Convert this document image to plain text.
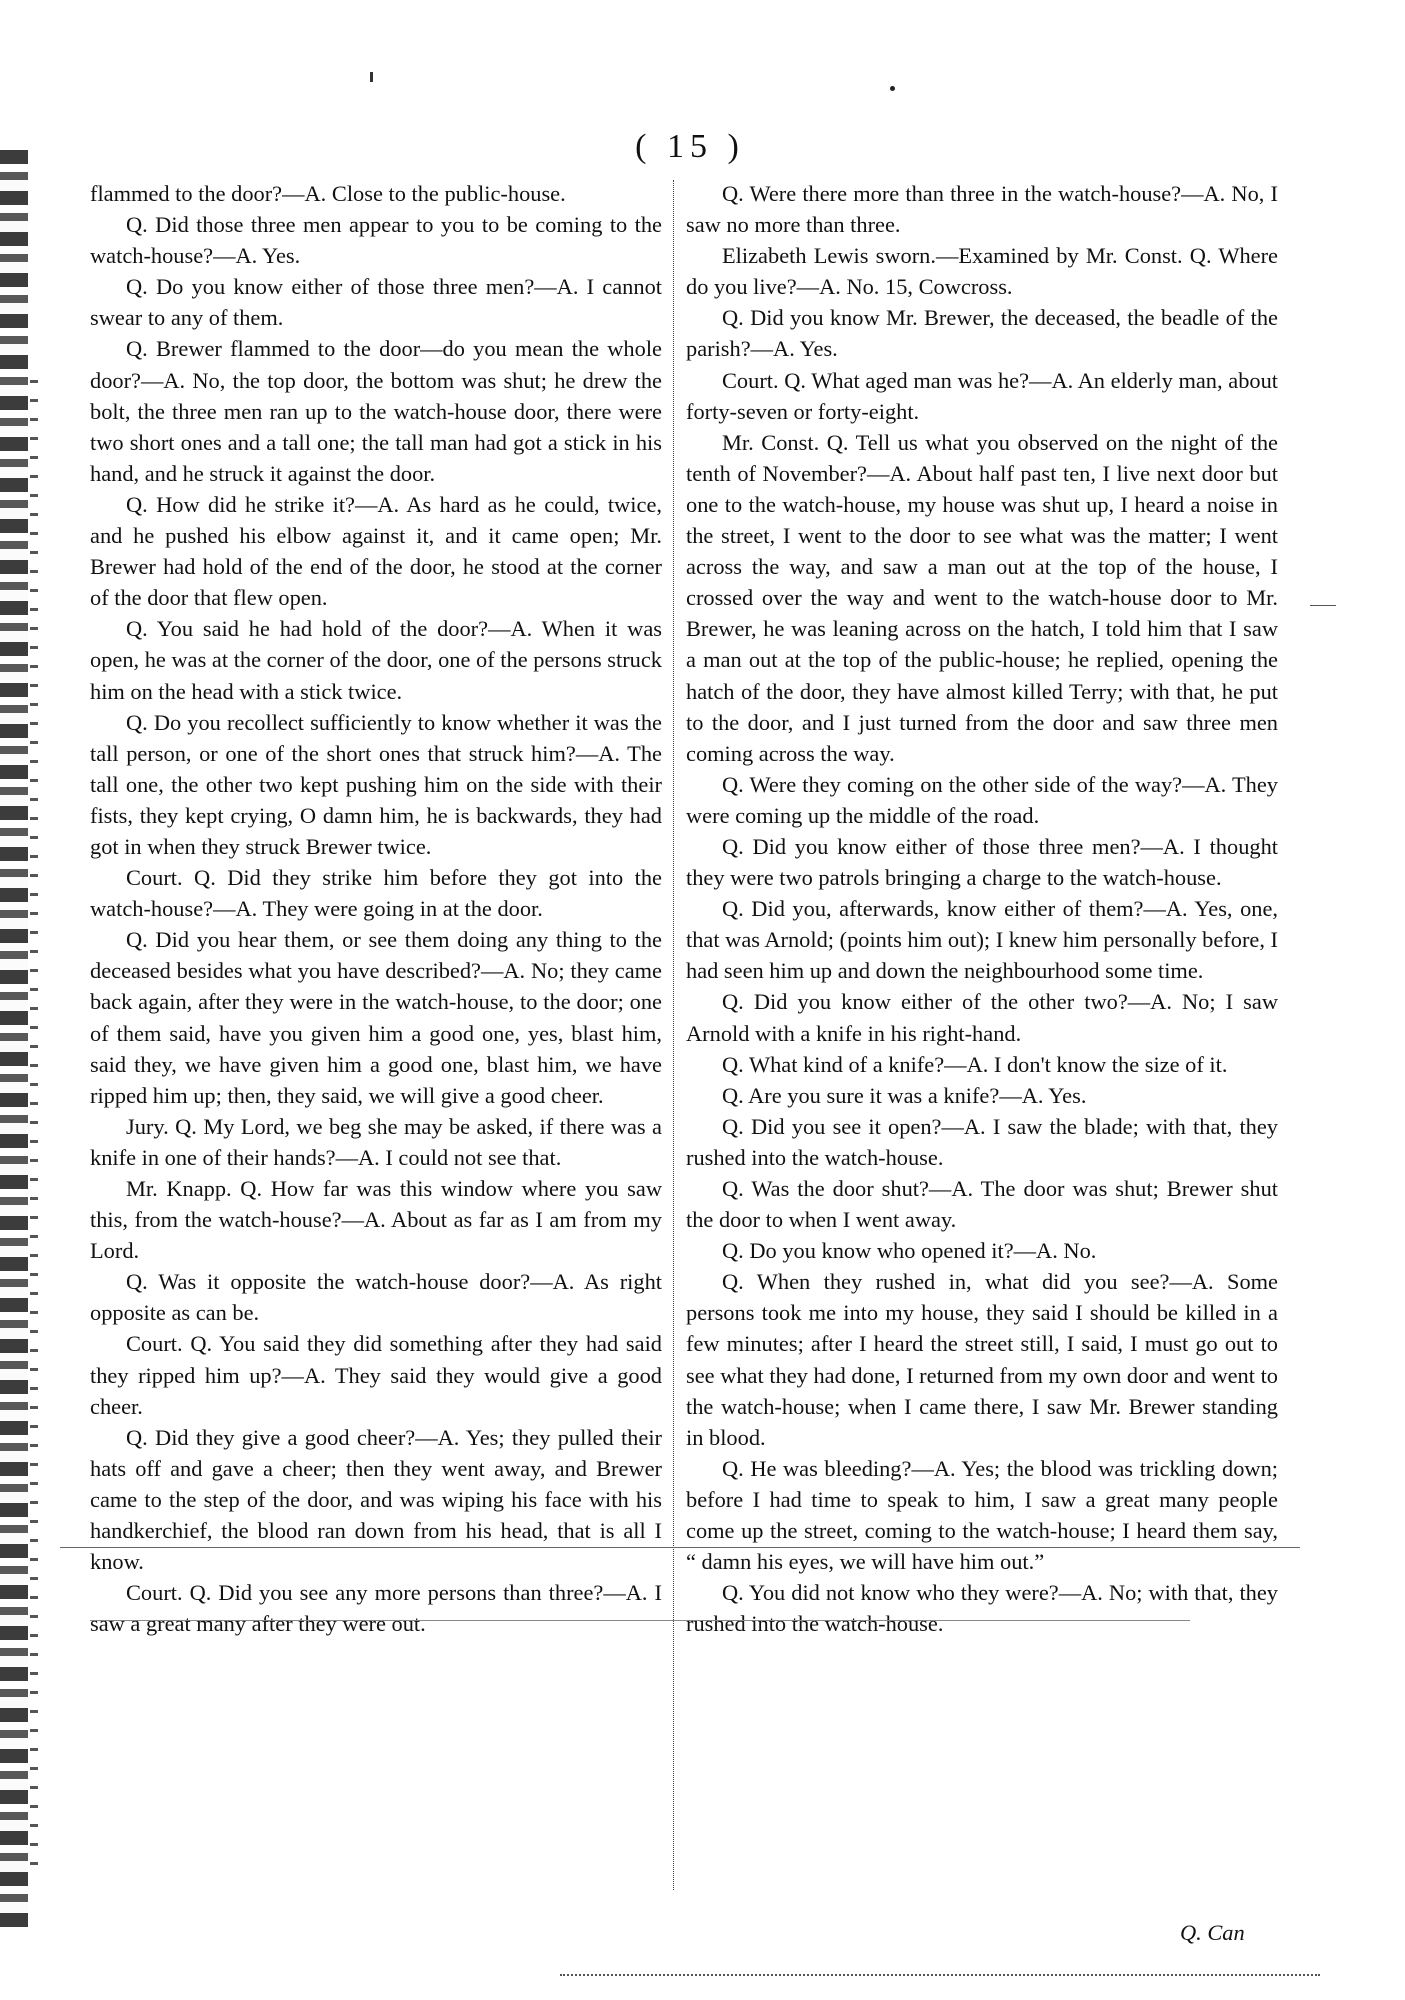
( 15 )

flammed to the door?—A. Close to the public-house.

Q. Did those three men appear to you to be coming to the watch-house?—A. Yes.

Q. Do you know either of those three men?—A. I cannot swear to any of them.

Q. Brewer flammed to the door—do you mean the whole door?—A. No, the top door, the bottom was shut; he drew the bolt, the three men ran up to the watch-house door, there were two short ones and a tall one; the tall man had got a stick in his hand, and he struck it against the door.

Q. How did he strike it?—A. As hard as he could, twice, and he pushed his elbow against it, and it came open; Mr. Brewer had hold of the end of the door, he stood at the corner of the door that flew open.

Q. You said he had hold of the door?—A. When it was open, he was at the corner of the door, one of the persons struck him on the head with a stick twice.

Q. Do you recollect sufficiently to know whether it was the tall person, or one of the short ones that struck him?—A. The tall one, the other two kept pushing him on the side with their fists, they kept crying, O damn him, he is backwards, they had got in when they struck Brewer twice.

Court. Q. Did they strike him before they got into the watch-house?—A. They were going in at the door.

Q. Did you hear them, or see them doing any thing to the deceased besides what you have described?—A. No; they came back again, after they were in the watch-house, to the door; one of them said, have you given him a good one, yes, blast him, said they, we have given him a good one, blast him, we have ripped him up; then, they said, we will give a good cheer.

Jury. Q. My Lord, we beg she may be asked, if there was a knife in one of their hands?—A. I could not see that.

Mr. Knapp. Q. How far was this window where you saw this, from the watch-house?—A. About as far as I am from my Lord.

Q. Was it opposite the watch-house door?—A. As right opposite as can be.

Court. Q. You said they did something after they had said they ripped him up?—A. They said they would give a good cheer.

Q. Did they give a good cheer?—A. Yes; they pulled their hats off and gave a cheer; then they went away, and Brewer came to the step of the door, and was wiping his face with his handkerchief, the blood ran down from his head, that is all I know.

Court. Q. Did you see any more persons than three?—A. I saw a great many after they were out.

Q. Were there more than three in the watch-house?—A. No, I saw no more than three.

Elizabeth Lewis sworn.—Examined by Mr. Const. Q. Where do you live?—A. No. 15, Cowcross.

Q. Did you know Mr. Brewer, the deceased, the beadle of the parish?—A. Yes.

Court. Q. What aged man was he?—A. An elderly man, about forty-seven or forty-eight.

Mr. Const. Q. Tell us what you observed on the night of the tenth of November?—A. About half past ten, I live next door but one to the watch-house, my house was shut up, I heard a noise in the street, I went to the door to see what was the matter; I went across the way, and saw a man out at the top of the house, I crossed over the way and went to the watch-house door to Mr. Brewer, he was leaning across on the hatch, I told him that I saw a man out at the top of the public-house; he replied, opening the hatch of the door, they have almost killed Terry; with that, he put to the door, and I just turned from the door and saw three men coming across the way.

Q. Were they coming on the other side of the way?—A. They were coming up the middle of the road.

Q. Did you know either of those three men?—A. I thought they were two patrols bringing a charge to the watch-house.

Q. Did you, afterwards, know either of them?—A. Yes, one, that was Arnold; (points him out); I knew him personally before, I had seen him up and down the neighbourhood some time.

Q. Did you know either of the other two?—A. No; I saw Arnold with a knife in his right-hand.

Q. What kind of a knife?—A. I don't know the size of it.

Q. Are you sure it was a knife?—A. Yes.

Q. Did you see it open?—A. I saw the blade; with that, they rushed into the watch-house.

Q. Was the door shut?—A. The door was shut; Brewer shut the door to when I went away.

Q. Do you know who opened it?—A. No.

Q. When they rushed in, what did you see?—A. Some persons took me into my house, they said I should be killed in a few minutes; after I heard the street still, I said, I must go out to see what they had done, I returned from my own door and went to the watch-house; when I came there, I saw Mr. Brewer standing in blood.

Q. He was bleeding?—A. Yes; the blood was trickling down; before I had time to speak to him, I saw a great many people come up the street, coming to the watch-house; I heard them say, “ damn his eyes, we will have him out.”

Q. You did not know who they were?—A. No; with that, they rushed into the watch-house.

Q. Can
